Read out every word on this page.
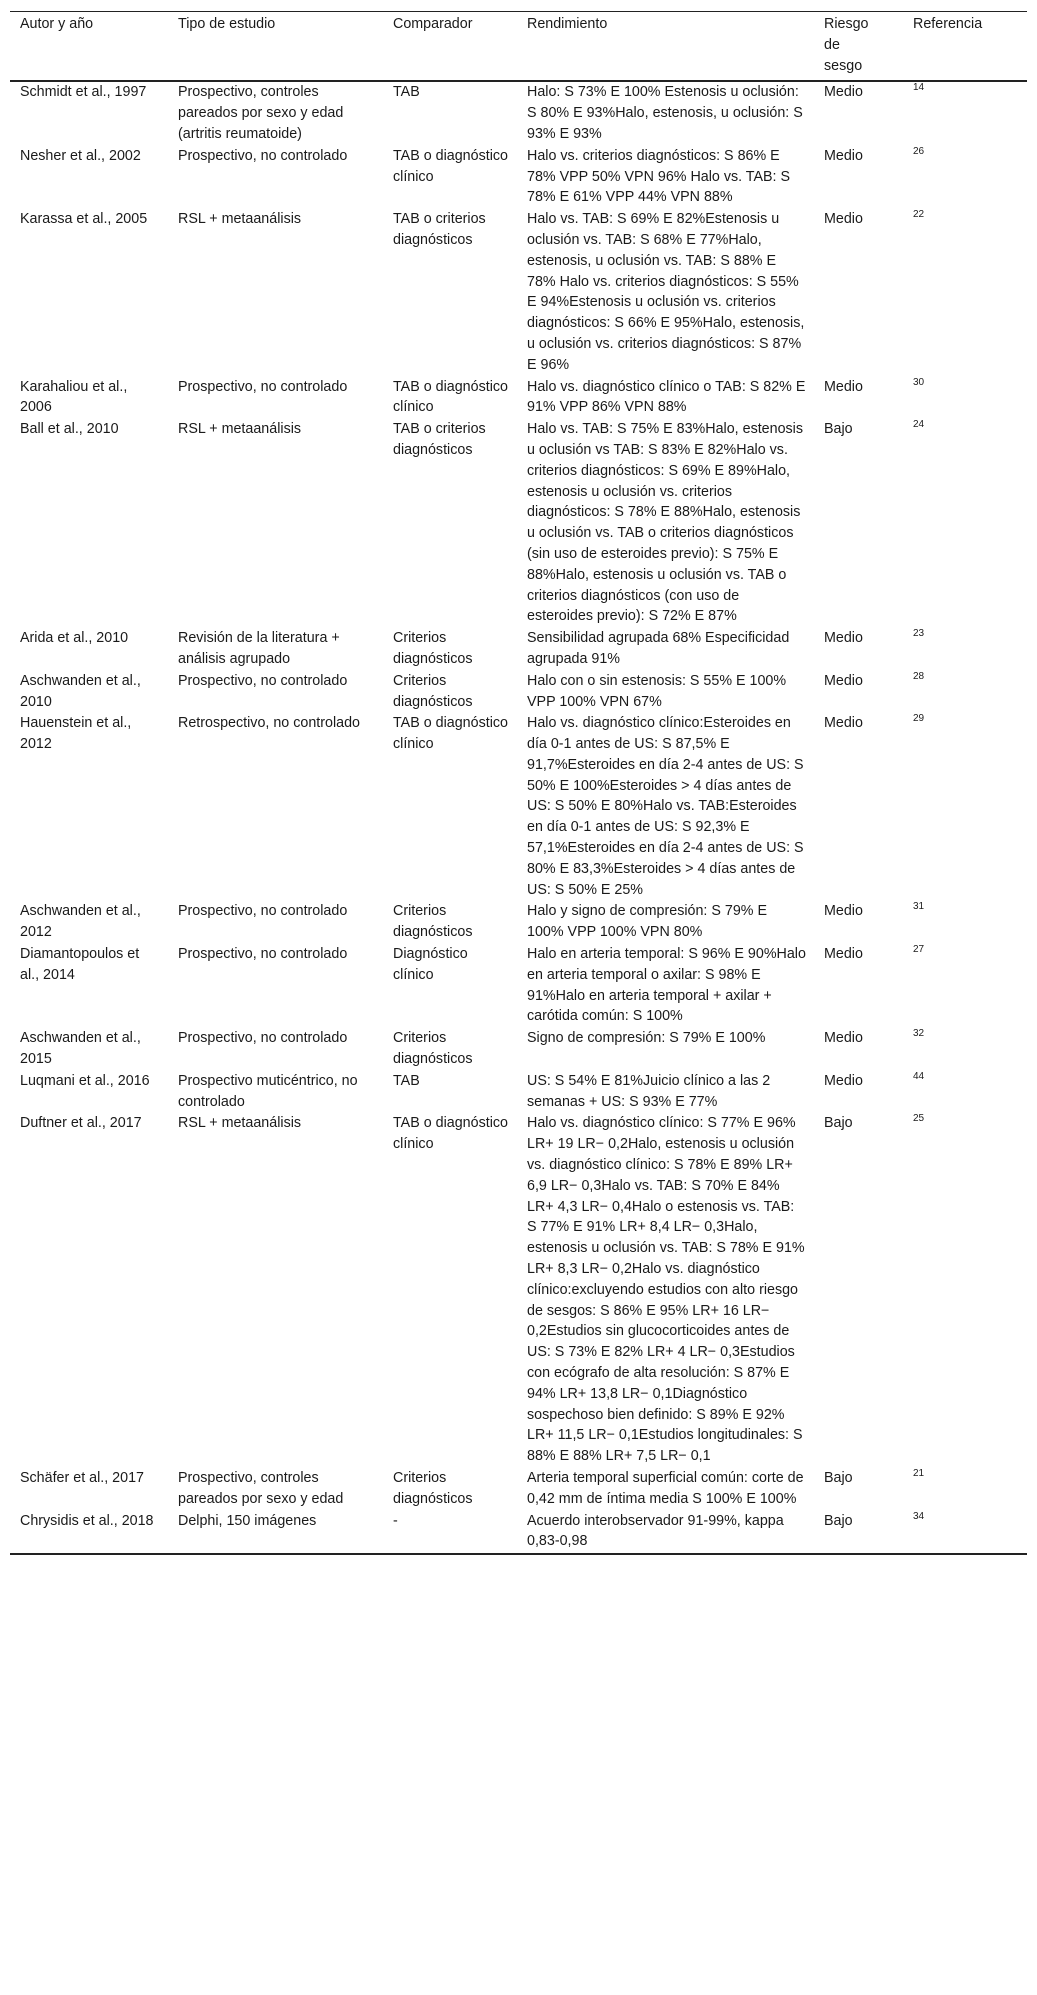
Autor y año	Tipo de estudio	Comparador	Rendimiento	Riesgo de sesgo	Referencia
Schmidt et al., 1997	Prospectivo, controles pareados por sexo y edad (artritis reumatoide)	TAB	Halo: S 73% E 100% Estenosis u oclusión: S 80% E 93%Halo, estenosis, u oclusión: S 93% E 93%	Medio	$^{14}$
Nesher et al., 2002	Prospectivo, no controlado	TAB o diagnóstico clínico	Halo vs. criterios diagnósticos: S 86% E 78% VPP 50% VPN 96% Halo vs. TAB: S 78% E 61% VPP 44% VPN 88%	Medio	$^{26}$
Karassa et al., 2005	RSL + metaanálisis	TAB o criterios diagnósticos	Halo vs. TAB: S 69% E 82%Estenosis u oclusión vs. TAB: S 68% E 77%Halo, estenosis, u oclusión vs. TAB: S 88% E 78% Halo vs. criterios diagnósticos: S 55% E 94%Estenosis u oclusión vs. criterios diagnósticos: S 66% E 95%Halo, estenosis, u oclusión vs. criterios diagnósticos: S 87% E 96%	Medio	$^{22}$
Karahaliou et al., 2006	Prospectivo, no controlado	TAB o diagnóstico clínico	Halo vs. diagnóstico clínico o TAB: S 82% E 91% VPP 86% VPN 88%	Medio	$^{30}$
Ball et al., 2010	RSL + metaanálisis	TAB o criterios diagnósticos	Halo vs. TAB: S 75% E 83%Halo, estenosis u oclusión vs TAB: S 83% E 82%Halo vs. criterios diagnósticos: S 69% E 89%Halo, estenosis u oclusión vs. criterios diagnósticos: S 78% E 88%Halo, estenosis u oclusión vs. TAB o criterios diagnósticos (sin uso de esteroides previo): S 75% E 88%Halo, estenosis u oclusión vs. TAB o criterios diagnósticos (con uso de esteroides previo): S 72% E 87%	Bajo	$^{24}$
Arida et al., 2010	Revisión de la literatura + análisis agrupado	Criterios diagnósticos	Sensibilidad agrupada 68% Especificidad agrupada 91%	Medio	$^{23}$
Aschwanden et al., 2010	Prospectivo, no controlado	Criterios diagnósticos	Halo con o sin estenosis: S 55% E 100% VPP 100% VPN 67%	Medio	$^{28}$
Hauenstein et al., 2012	Retrospectivo, no controlado	TAB o diagnóstico clínico	Halo vs. diagnóstico clínico:Esteroides en día 0-1 antes de US: S 87,5% E 91,7%Esteroides en día 2-4 antes de US: S 50% E 100%Esteroides > 4 días antes de US: S 50% E 80%Halo vs. TAB:Esteroides en día 0-1 antes de US: S 92,3% E 57,1%Esteroides en día 2-4 antes de US: S 80% E 83,3%Esteroides > 4 días antes de US: S 50% E 25%	Medio	$^{29}$
Aschwanden et al., 2012	Prospectivo, no controlado	Criterios diagnósticos	Halo y signo de compresión: S 79% E 100% VPP 100% VPN 80%	Medio	$^{31}$
Diamantopoulos et al., 2014	Prospectivo, no controlado	Diagnóstico clínico	Halo en arteria temporal: S 96% E 90%Halo en arteria temporal o axilar: S 98% E 91%Halo en arteria temporal + axilar + carótida común: S 100%	Medio	$^{27}$
Aschwanden et al., 2015	Prospectivo, no controlado	Criterios diagnósticos	Signo de compresión: S 79% E 100%	Medio	$^{32}$
Luqmani et al., 2016	Prospectivo muticéntrico, no controlado	TAB	US: S 54% E 81%Juicio clínico a las 2 semanas + US: S 93% E 77%	Medio	$^{44}$
Duftner et al., 2017	RSL + metaanálisis	TAB o diagnóstico clínico	Halo vs. diagnóstico clínico: S 77% E 96% LR+ 19 LR− 0,2Halo, estenosis u oclusión vs. diagnóstico clínico: S 78% E 89% LR+ 6,9 LR− 0,3Halo vs. TAB: S 70% E 84% LR+ 4,3 LR− 0,4Halo o estenosis vs. TAB: S 77% E 91% LR+ 8,4 LR− 0,3Halo, estenosis u oclusión vs. TAB: S 78% E 91% LR+ 8,3 LR− 0,2Halo vs. diagnóstico clínico:excluyendo estudios con alto riesgo de sesgos: S 86% E 95% LR+ 16 LR− 0,2Estudios sin glucocorticoides antes de US: S 73% E 82% LR+ 4 LR− 0,3Estudios con ecógrafo de alta resolución: S 87% E 94% LR+ 13,8 LR− 0,1Diagnóstico sospechoso bien definido: S 89% E 92% LR+ 11,5 LR− 0,1Estudios longitudinales: S 88% E 88% LR+ 7,5 LR− 0,1	Bajo	$^{25}$
Schäfer et al., 2017	Prospectivo, controles pareados por sexo y edad	Criterios diagnósticos	Arteria temporal superficial común: corte de 0,42 mm de íntima media S 100% E 100%	Bajo	$^{21}$
Chrysidis et al., 2018	Delphi, 150 imágenes	-	Acuerdo interobservador 91-99%, kappa 0,83-0,98	Bajo	$^{34}$
